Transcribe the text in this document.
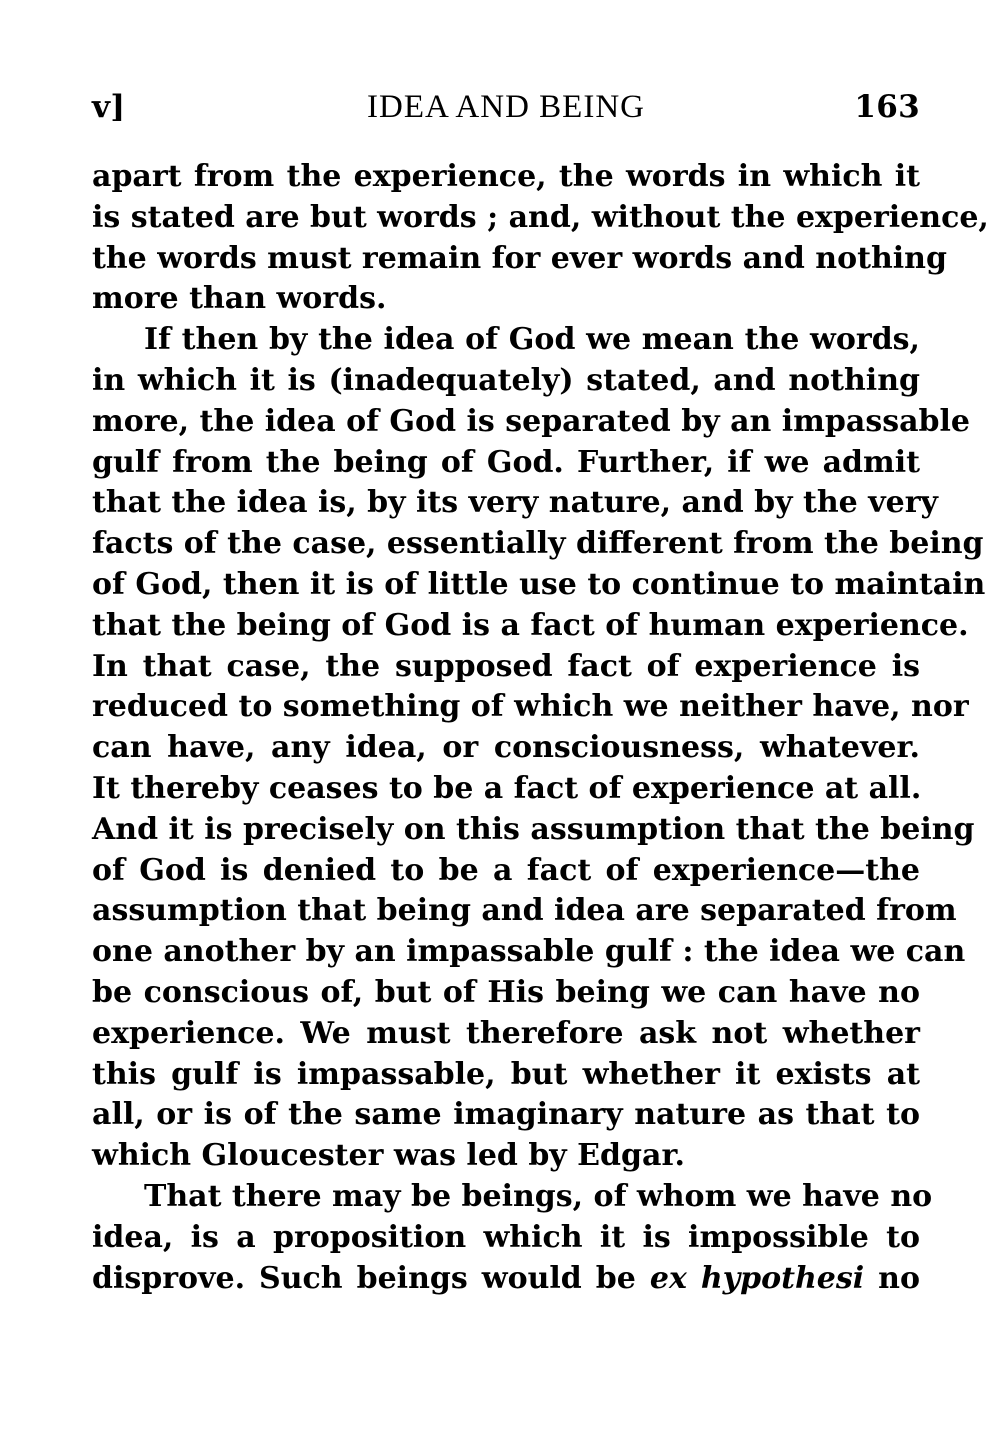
v]	IDEA AND BEING	163
apart from the experience, the words in which it
is stated are but words ; and, without the experience,
the words must remain for ever words and nothing
more than words.
If then by the idea of God we mean the words,
in which it is (inadequately) stated, and nothing
more, the idea of God is separated by an impassable
gulf from the being of God. Further, if we admit
that the idea is, by its very nature, and by the very
facts of the case, essentially different from the being
of God, then it is of little use to continue to maintain
that the being of God is a fact of human experience.
In that case, the supposed fact of experience is
reduced to something of which we neither have, nor
can have, any idea, or consciousness, whatever.
It thereby ceases to be a fact of experience at all.
And it is precisely on this assumption that the being
of God is denied to be a fact of experience—the
assumption that being and idea are separated from
one another by an impassable gulf : the idea we can
be conscious of, but of His being we can have no
experience. We must therefore ask not whether
this gulf is impassable, but whether it exists at
all, or is of the same imaginary nature as that to
which Gloucester was led by Edgar.
That there may be beings, of whom we have no
idea, is a proposition which it is impossible to
disprove. Such beings would be ex hypothesi no
